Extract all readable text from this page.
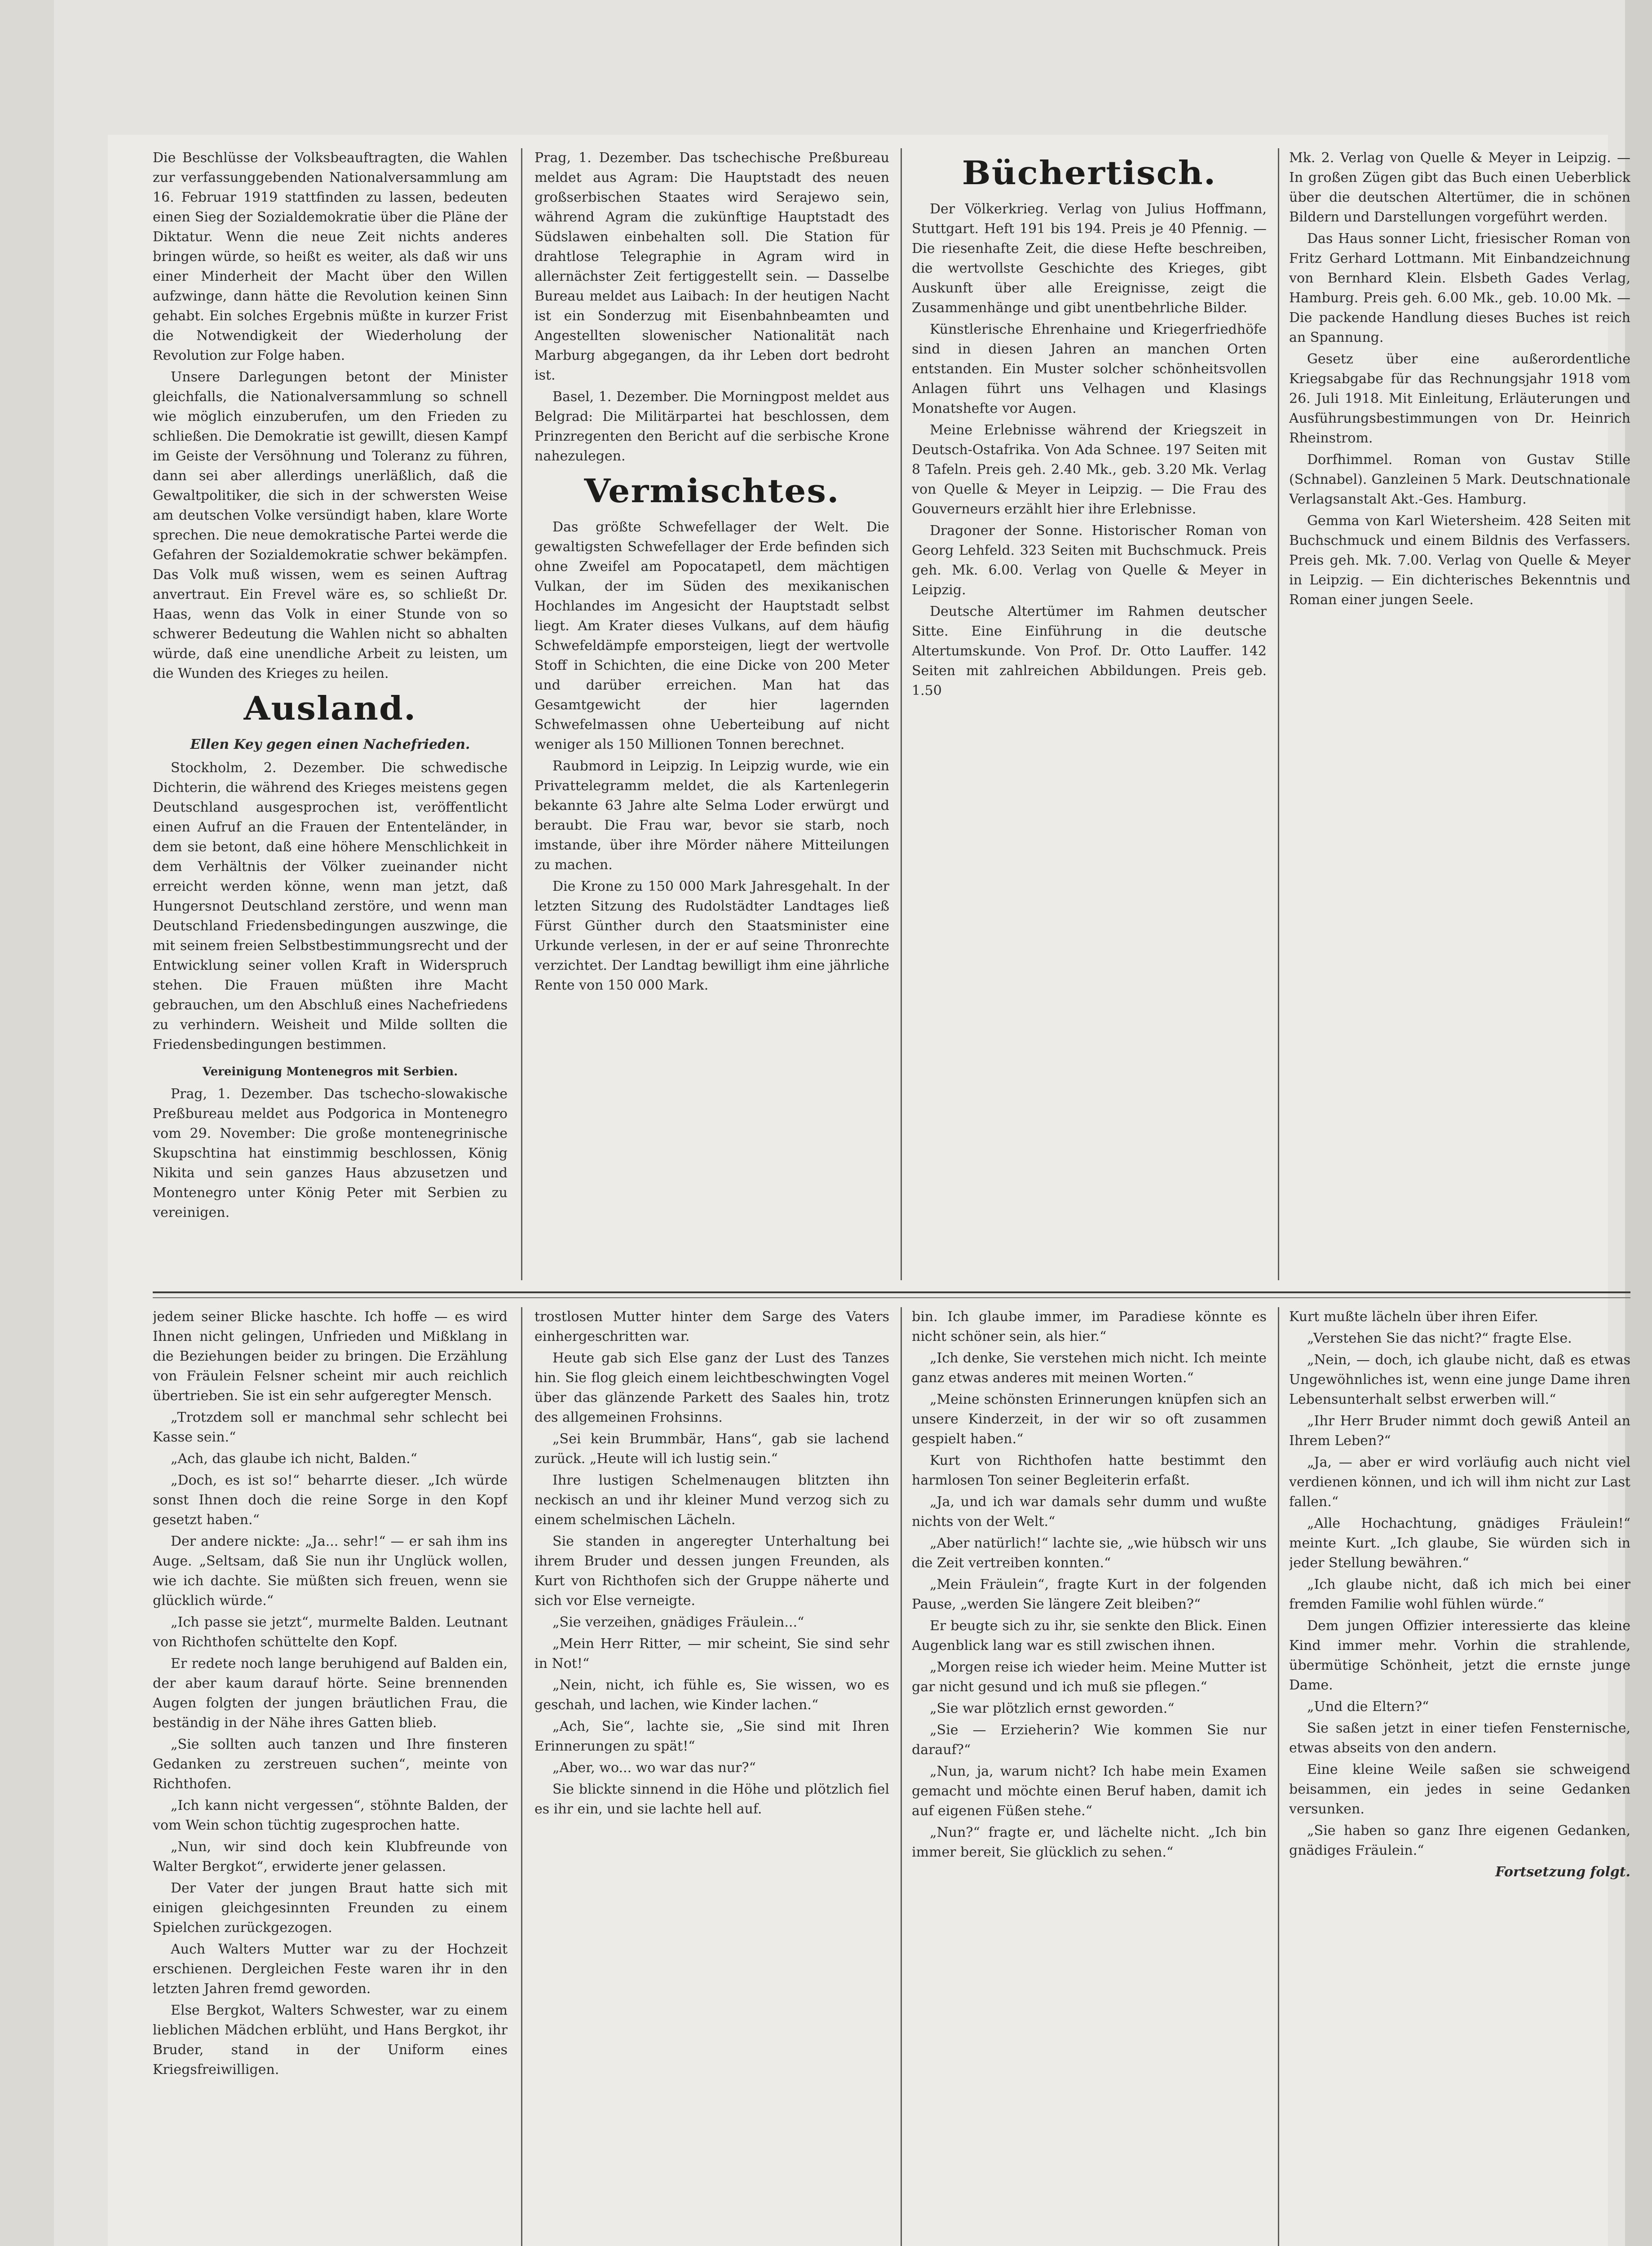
Die Beschlüsse der Volksbeauftragten, die Wahlen zur verfassunggebenden Nationalversammlung am 16. Februar 1919 stattfinden zu lassen, bedeuten einen Sieg der Sozialdemokratie über die Pläne der Diktatur. Wenn die neue Zeit nichts anderes bringen würde, so heißt es weiter, als daß wir uns einer Minderheit der Macht über den Willen aufzwinge, dann hätte die Revolution keinen Sinn gehabt. Ein solches Ergebnis müßte in kurzer Frist die Notwendigkeit der Wiederholung der Revolution zur Folge haben.

Unsere Darlegungen betont der Minister gleichfalls, die Nationalversammlung so schnell wie möglich einzuberufen, um den Frieden zu schließen. Die Demokratie ist gewillt, diesen Kampf im Geiste der Versöhnung und Toleranz zu führen, dann sei aber allerdings unerläßlich, daß die Gewaltpolitiker, die sich in der schwersten Weise am deutschen Volke versündigt haben, klare Worte sprechen. Die neue demokratische Partei werde die Gefahren der Sozialdemokratie schwer bekämpfen. Das Volk muß wissen, wem es seinen Auftrag anvertraut. Ein Frevel wäre es, so schließt Dr. Haas, wenn das Volk in einer Stunde von so schwerer Bedeutung die Wahlen nicht so abhalten würde, daß eine unendliche Arbeit zu leisten, um die Wunden des Krieges zu heilen.

Ausland.
Ellen Key gegen einen Nachefrieden.

Stockholm, 2. Dezember. Die schwedische Dichterin, die während des Krieges meistens gegen Deutschland ausgesprochen ist, veröffentlicht einen Aufruf an die Frauen der Ententeländer, in dem sie betont, daß eine höhere Menschlichkeit in dem Verhältnis der Völker zueinander nicht erreicht werden könne, wenn man jetzt, daß Hungersnot Deutschland zerstöre, und wenn man Deutschland Friedensbedingungen auszwinge, die mit seinem freien Selbstbestimmungsrecht und der Entwicklung seiner vollen Kraft in Widerspruch stehen. Die Frauen müßten ihre Macht gebrauchen, um den Abschluß eines Nachefriedens zu verhindern. Weisheit und Milde sollten die Friedensbedingungen bestimmen.

Vereinigung Montenegros mit Serbien.

Prag, 1. Dezember. Das tschecho-slowakische Preßbureau meldet aus Podgorica in Montenegro vom 29. November: Die große montenegrinische Skupschtina hat einstimmig beschlossen, König Nikita und sein ganzes Haus abzusetzen und Montenegro unter König Peter mit Serbien zu vereinigen.

Prag, 1. Dezember. Das tschechische Preßbureau meldet aus Agram: Die Hauptstadt des neuen großserbischen Staates wird Serajewo sein, während Agram die zukünftige Hauptstadt des Südslawen einbehalten soll. Die Station für drahtlose Telegraphie in Agram wird in allernächster Zeit fertiggestellt sein. — Dasselbe Bureau meldet aus Laibach: In der heutigen Nacht ist ein Sonderzug mit Eisenbahnbeamten und Angestellten slowenischer Nationalität nach Marburg abgegangen, da ihr Leben dort bedroht ist.

Basel, 1. Dezember. Die Morningpost meldet aus Belgrad: Die Militärpartei hat beschlossen, dem Prinzregenten den Bericht auf die serbische Krone nahezulegen.

Vermischtes.

Das größte Schwefellager der Welt. Die gewaltigsten Schwefellager der Erde befinden sich ohne Zweifel am Popocatapetl, dem mächtigen Vulkan, der im Süden des mexikanischen Hochlandes im Angesicht der Hauptstadt selbst liegt. Am Krater dieses Vulkans, auf dem häufig Schwefeldämpfe emporsteigen, liegt der wertvolle Stoff in Schichten, die eine Dicke von 200 Meter und darüber erreichen. Man hat das Gesamtgewicht der hier lagernden Schwefelmassen ohne Ueberteibung auf nicht weniger als 150 Millionen Tonnen berechnet.

Raubmord in Leipzig. In Leipzig wurde, wie ein Privattelegramm meldet, die als Kartenlegerin bekannte 63 Jahre alte Selma Loder erwürgt und beraubt. Die Frau war, bevor sie starb, noch imstande, über ihre Mörder nähere Mitteilungen zu machen.

Die Krone zu 150 000 Mark Jahresgehalt. In der letzten Sitzung des Rudolstädter Landtages ließ Fürst Günther durch den Staatsminister eine Urkunde verlesen, in der er auf seine Thronrechte verzichtet. Der Landtag bewilligt ihm eine jährliche Rente von 150 000 Mark.

Büchertisch.

Der Völkerkrieg. Verlag von Julius Hoffmann, Stuttgart. Heft 191 bis 194. Preis je 40 Pfennig. — Die riesenhafte Zeit, die diese Hefte beschreiben, die wertvollste Geschichte des Krieges, gibt Auskunft über alle Ereignisse, zeigt die Zusammenhänge und gibt unentbehrliche Bilder.

Künstlerische Ehrenhaine und Kriegerfriedhöfe sind in diesen Jahren an manchen Orten entstanden. Ein Muster solcher schönheitsvollen Anlagen führt uns Velhagen und Klasings Monatshefte vor Augen.

Meine Erlebnisse während der Kriegszeit in Deutsch-Ostafrika. Von Ada Schnee. 197 Seiten mit 8 Tafeln. Preis geh. 2.40 Mk., geb. 3.20 Mk. Verlag von Quelle & Meyer in Leipzig. — Die Frau des Gouverneurs erzählt hier ihre Erlebnisse.

Dragoner der Sonne. Historischer Roman von Georg Lehfeld. 323 Seiten mit Buchschmuck. Preis geh. Mk. 6.00. Verlag von Quelle & Meyer in Leipzig.

Deutsche Altertümer im Rahmen deutscher Sitte. Eine Einführung in die deutsche Altertumskunde. Von Prof. Dr. Otto Lauffer. 142 Seiten mit zahlreichen Abbildungen. Preis geb. 1.50

Mk. 2. Verlag von Quelle & Meyer in Leipzig. — In großen Zügen gibt das Buch einen Ueberblick über die deutschen Altertümer, die in schönen Bildern und Darstellungen vorgeführt werden.

Das Haus sonner Licht, friesischer Roman von Fritz Gerhard Lottmann. Mit Einbandzeichnung von Bernhard Klein. Elsbeth Gades Verlag, Hamburg. Preis geh. 6.00 Mk., geb. 10.00 Mk. — Die packende Handlung dieses Buches ist reich an Spannung.

Gesetz über eine außerordentliche Kriegsabgabe für das Rechnungsjahr 1918 vom 26. Juli 1918. Mit Einleitung, Erläuterungen und Ausführungsbestimmungen von Dr. Heinrich Rheinstrom.

Dorfhimmel. Roman von Gustav Stille (Schnabel). Ganzleinen 5 Mark. Deutschnationale Verlagsanstalt Akt.-Ges. Hamburg.

Gemma von Karl Wietersheim. 428 Seiten mit Buchschmuck und einem Bildnis des Verfassers. Preis geh. Mk. 7.00. Verlag von Quelle & Meyer in Leipzig. — Ein dichterisches Bekenntnis und Roman einer jungen Seele.

jedem seiner Blicke haschte. Ich hoffe — es wird Ihnen nicht gelingen, Unfrieden und Mißklang in die Beziehungen beider zu bringen. Die Erzählung von Fräulein Felsner scheint mir auch reichlich übertrieben. Sie ist ein sehr aufgeregter Mensch.

„Trotzdem soll er manchmal sehr schlecht bei Kasse sein.“

„Ach, das glaube ich nicht, Balden.“

„Doch, es ist so!“ beharrte dieser. „Ich würde sonst Ihnen doch die reine Sorge in den Kopf gesetzt haben.“

Der andere nickte: „Ja... sehr!“ — er sah ihm ins Auge. „Seltsam, daß Sie nun ihr Unglück wollen, wie ich dachte. Sie müßten sich freuen, wenn sie glücklich würde.“

„Ich passe sie jetzt“, murmelte Balden. Leutnant von Richthofen schüttelte den Kopf.

Er redete noch lange beruhigend auf Balden ein, der aber kaum darauf hörte. Seine brennenden Augen folgten der jungen bräutlichen Frau, die beständig in der Nähe ihres Gatten blieb.

„Sie sollten auch tanzen und Ihre finsteren Gedanken zu zerstreuen suchen“, meinte von Richthofen.

„Ich kann nicht vergessen“, stöhnte Balden, der vom Wein schon tüchtig zugesprochen hatte.

„Nun, wir sind doch kein Klubfreunde von Walter Bergkot“, erwiderte jener gelassen.

Der Vater der jungen Braut hatte sich mit einigen gleichgesinnten Freunden zu einem Spielchen zurückgezogen.

Auch Walters Mutter war zu der Hochzeit erschienen. Dergleichen Feste waren ihr in den letzten Jahren fremd geworden.

Else Bergkot, Walters Schwester, war zu einem lieblichen Mädchen erblüht, und Hans Bergkot, ihr Bruder, stand in der Uniform eines Kriegsfreiwilligen.

trostlosen Mutter hinter dem Sarge des Vaters einhergeschritten war.

Heute gab sich Else ganz der Lust des Tanzes hin. Sie flog gleich einem leichtbeschwingten Vogel über das glänzende Parkett des Saales hin, trotz des allgemeinen Frohsinns.

„Sei kein Brummbär, Hans“, gab sie lachend zurück. „Heute will ich lustig sein.“

Ihre lustigen Schelmenaugen blitzten ihn neckisch an und ihr kleiner Mund verzog sich zu einem schelmischen Lächeln.

Sie standen in angeregter Unterhaltung bei ihrem Bruder und dessen jungen Freunden, als Kurt von Richthofen sich der Gruppe näherte und sich vor Else verneigte.

„Sie verzeihen, gnädiges Fräulein...“

„Mein Herr Ritter, — mir scheint, Sie sind sehr in Not!“

„Nein, nicht, ich fühle es, Sie wissen, wo es geschah, und lachen, wie Kinder lachen.“

„Ach, Sie“, lachte sie, „Sie sind mit Ihren Erinnerungen zu spät!“

„Aber, wo... wo war das nur?“

Sie blickte sinnend in die Höhe und plötzlich fiel es ihr ein, und sie lachte hell auf.

bin. Ich glaube immer, im Paradiese könnte es nicht schöner sein, als hier.“

„Ich denke, Sie verstehen mich nicht. Ich meinte ganz etwas anderes mit meinen Worten.“

„Meine schönsten Erinnerungen knüpfen sich an unsere Kinderzeit, in der wir so oft zusammen gespielt haben.“

Kurt von Richthofen hatte bestimmt den harmlosen Ton seiner Begleiterin erfaßt.

„Ja, und ich war damals sehr dumm und wußte nichts von der Welt.“

„Aber natürlich!“ lachte sie, „wie hübsch wir uns die Zeit vertreiben konnten.“

„Mein Fräulein“, fragte Kurt in der folgenden Pause, „werden Sie längere Zeit bleiben?“

Er beugte sich zu ihr, sie senkte den Blick. Einen Augenblick lang war es still zwischen ihnen.

„Morgen reise ich wieder heim. Meine Mutter ist gar nicht gesund und ich muß sie pflegen.“

„Sie war plötzlich ernst geworden.“

„Sie — Erzieherin? Wie kommen Sie nur darauf?“

„Nun, ja, warum nicht? Ich habe mein Examen gemacht und möchte einen Beruf haben, damit ich auf eigenen Füßen stehe.“

„Nun?“ fragte er, und lächelte nicht. „Ich bin immer bereit, Sie glücklich zu sehen.“

Kurt mußte lächeln über ihren Eifer.

„Verstehen Sie das nicht?“ fragte Else.

„Nein, — doch, ich glaube nicht, daß es etwas Ungewöhnliches ist, wenn eine junge Dame ihren Lebensunterhalt selbst erwerben will.“

„Ihr Herr Bruder nimmt doch gewiß Anteil an Ihrem Leben?“

„Ja, — aber er wird vorläufig auch nicht viel verdienen können, und ich will ihm nicht zur Last fallen.“

„Alle Hochachtung, gnädiges Fräulein!“ meinte Kurt. „Ich glaube, Sie würden sich in jeder Stellung bewähren.“

„Ich glaube nicht, daß ich mich bei einer fremden Familie wohl fühlen würde.“

Dem jungen Offizier interessierte das kleine Kind immer mehr. Vorhin die strahlende, übermütige Schönheit, jetzt die ernste junge Dame.

„Und die Eltern?“

Sie saßen jetzt in einer tiefen Fensternische, etwas abseits von den andern.

Eine kleine Weile saßen sie schweigend beisammen, ein jedes in seine Gedanken versunken.

„Sie haben so ganz Ihre eigenen Gedanken, gnädiges Fräulein.“

Fortsetzung folgt.
